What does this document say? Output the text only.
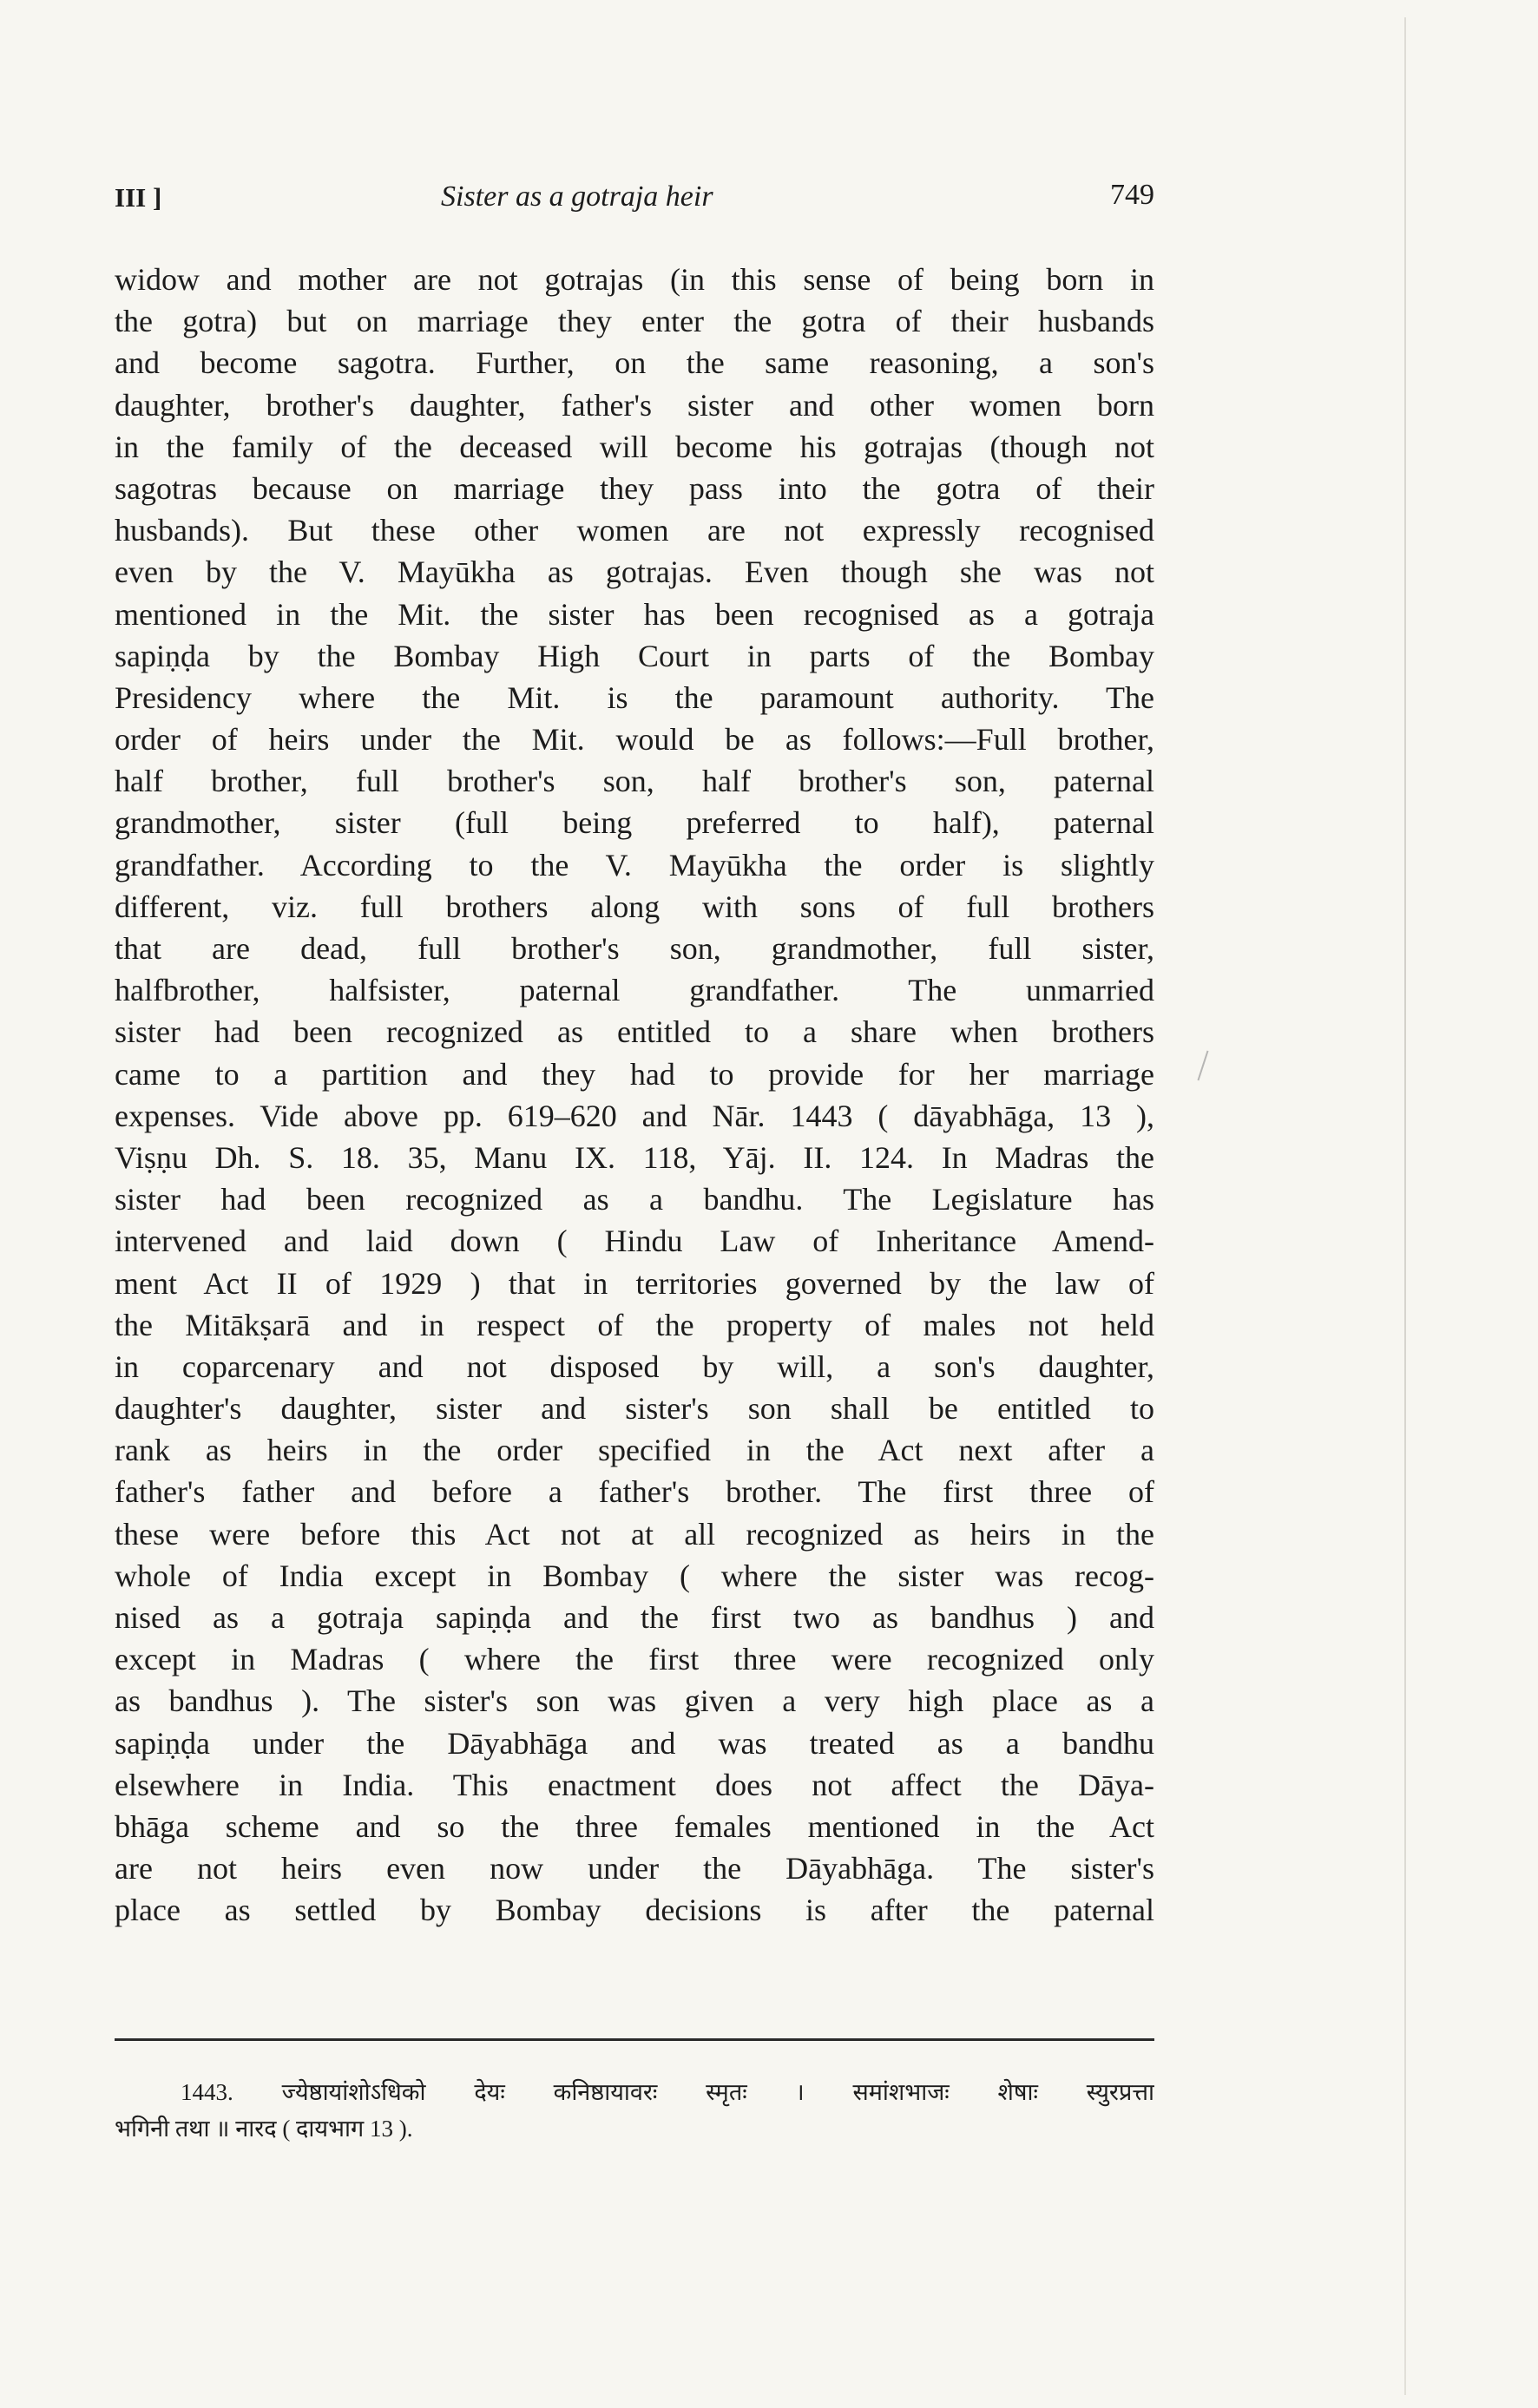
III ]	Sister as a gotraja heir	749
widow and mother are not gotrajas (in this sense of being born in
the gotra) but on marriage they enter the gotra of their husbands
and become sagotra. Further, on the same reasoning, a son's
daughter, brother's daughter, father's sister and other women born
in the family of the deceased will become his gotrajas (though not
sagotras because on marriage they pass into the gotra of their
husbands). But these other women are not expressly recognised
even by the V. Mayūkha as gotrajas. Even though she was not
mentioned in the Mit. the sister has been recognised as a gotraja
sapiṇḍa by the Bombay High Court in parts of the Bombay
Presidency where the Mit. is the paramount authority. The
order of heirs under the Mit. would be as follows:—Full brother,
half brother, full brother's son, half brother's son, paternal
grandmother, sister (full being preferred to half), paternal
grandfather. According to the V. Mayūkha the order is slightly
different, viz. full brothers along with sons of full brothers
that are dead, full brother's son, grandmother, full sister,
halfbrother, halfsister, paternal grandfather. The unmarried
sister had been recognized as entitled to a share when brothers
came to a partition and they had to provide for her marriage
expenses. Vide above pp. 619–620 and Nār. 1443 ( dāyabhāga, 13 ),
Viṣṇu Dh. S. 18. 35, Manu IX. 118, Yāj. II. 124. In Madras the
sister had been recognized as a bandhu. The Legislature has
intervened and laid down ( Hindu Law of Inheritance Amend-
ment Act II of 1929 ) that in territories governed by the law of
the Mitākṣarā and in respect of the property of males not held
in coparcenary and not disposed by will, a son's daughter,
daughter's daughter, sister and sister's son shall be entitled to
rank as heirs in the order specified in the Act next after a
father's father and before a father's brother. The first three of
these were before this Act not at all recognized as heirs in the
whole of India except in Bombay ( where the sister was recog-
nised as a gotraja sapiṇḍa and the first two as bandhus ) and
except in Madras ( where the first three were recognized only
as bandhus ). The sister's son was given a very high place as a
sapiṇḍa under the Dāyabhāga and was treated as a bandhu
elsewhere in India. This enactment does not affect the Dāya-
bhāga scheme and so the three females mentioned in the Act
are not heirs even now under the Dāyabhāga. The sister's
place as settled by Bombay decisions is after the paternal
1443. ज्येष्ठायांशोऽधिको देयः कनिष्ठायावरः स्मृतः । समांशभाजः शेषाः स्युरप्रत्ता
भगिनी तथा ॥ नारद ( दायभाग 13 ).
